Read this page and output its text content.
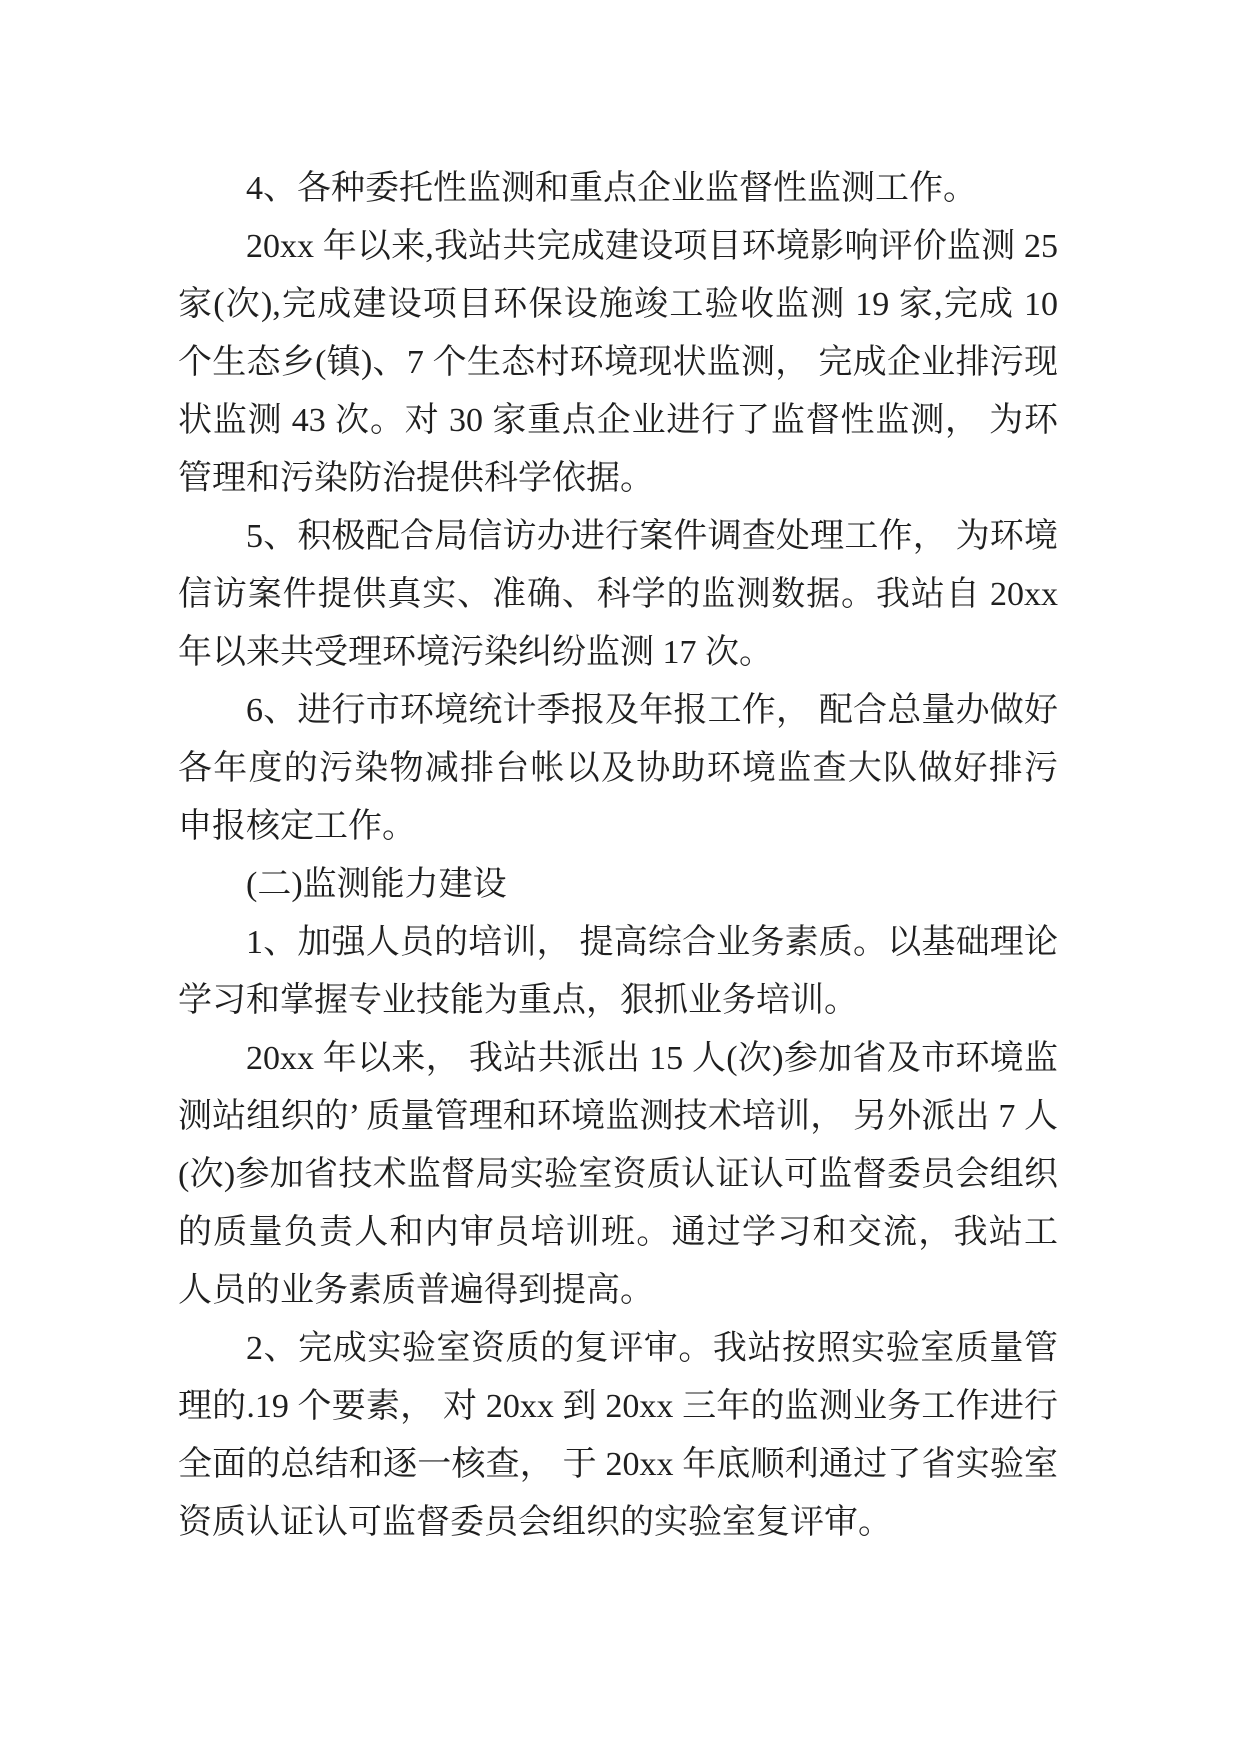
4、各种委托性监测和重点企业监督性监测工作。
20xx 年以来,我站共完成建设项目环境影响评价监测 25
家(次),完成建设项目环保设施竣工验收监测 19 家,完成 10
个生态乡(镇)、7 个生态村环境现状监测， 完成企业排污现
状监测 43 次。对 30 家重点企业进行了监督性监测， 为环
管理和污染防治提供科学依据。
5、积极配合局信访办进行案件调查处理工作， 为环境
信访案件提供真实、准确、科学的监测数据。我站自 20xx
年以来共受理环境污染纠纷监测 17 次。
6、进行市环境统计季报及年报工作， 配合总量办做好
各年度的污染物减排台帐以及协助环境监查大队做好排污
申报核定工作。
(二)监测能力建设
1、加强人员的培训， 提高综合业务素质。以基础理论
学习和掌握专业技能为重点，狠抓业务培训。
20xx 年以来， 我站共派出 15 人(次)参加省及市环境监
测站组织的’ 质量管理和环境监测技术培训， 另外派出 7 人
(次)参加省技术监督局实验室资质认证认可监督委员会组织
的质量负责人和内审员培训班。通过学习和交流，我站工
人员的业务素质普遍得到提高。
2、完成实验室资质的复评审。我站按照实验室质量管
理的.19 个要素， 对 20xx 到 20xx 三年的监测业务工作进行
全面的总结和逐一核查， 于 20xx 年底顺利通过了省实验室
资质认证认可监督委员会组织的实验室复评审。
